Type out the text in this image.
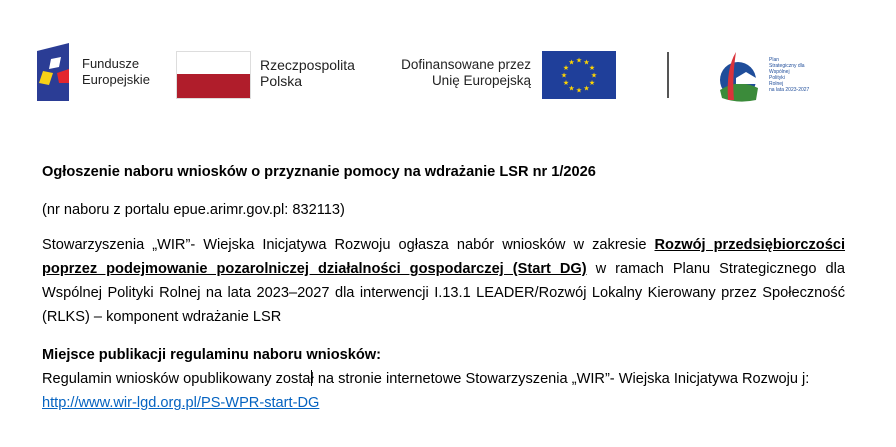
Fundusze
Europejskie
Rzeczpospolita
Polska
Dofinansowane przez
Unię Europejską	★
★
★
★
★
★
★
★
★ ★ ★
★
Plan
Strategiczny dla
Wspólnej
Polityki
Rolnej
na lata 2023-2027

Ogłoszenie naboru wniosków o przyznanie pomocy na wdrażanie LSR nr 1/2026

(nr naboru z portalu epue.arimr.gov.pl: 832113)

Stowarzyszenia „WIR”- Wiejska Inicjatywa Rozwoju ogłasza nabór wniosków w zakresie Rozwój przedsiębiorczości poprzez podejmowanie pozarolniczej działalności gospodarczej (Start DG) w ramach Planu Strategicznego dla Wspólnej Polityki Rolnej na lata 2023–2027 dla interwencji I.13.1 LEADER/Rozwój Lokalny Kierowany przez Społeczność (RLKS) – komponent wdrażanie LSR

Miejsce publikacji regulaminu naboru wniosków:

Regulamin wniosków opublikowany został na stronie internetowe Stowarzyszenia „WIR”- Wiejska Inicjatywa Rozwoju j: http://www.wir-lgd.org.pl/PS-WPR-start-DG
